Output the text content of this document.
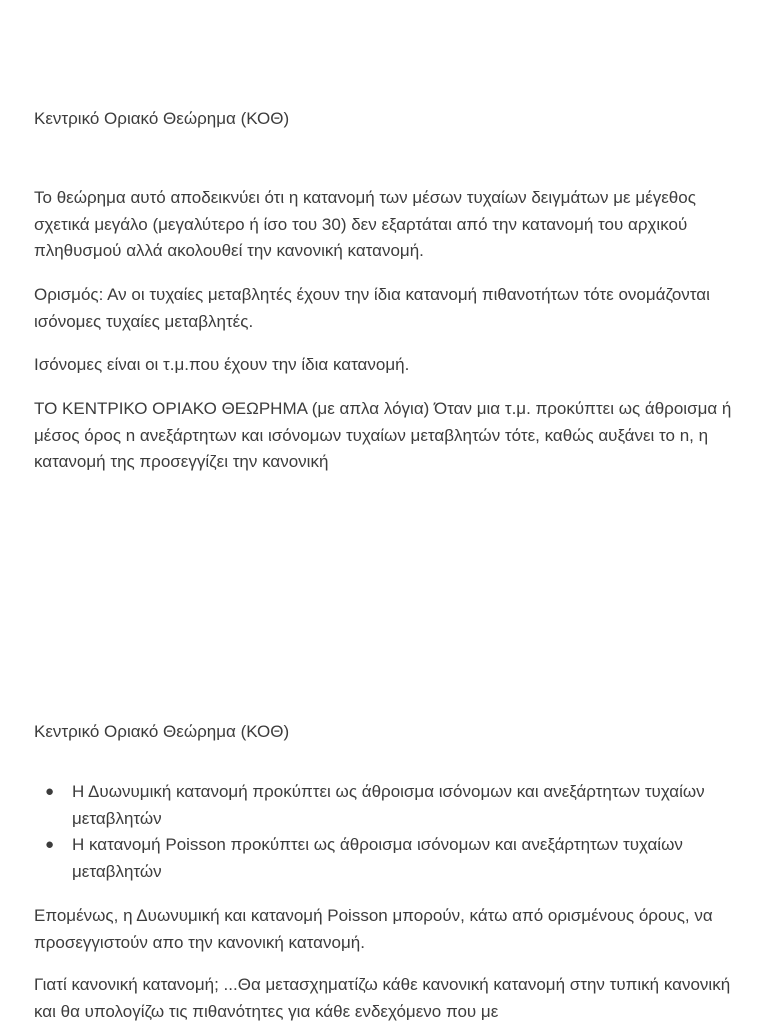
Κεντρικό Οριακό Θεώρημα (ΚΟΘ)

Το θεώρημα αυτό αποδεικνύει ότι η κατανομή των μέσων τυχαίων δειγμάτων με μέγεθος σχετικά μεγάλο (μεγαλύτερο ή ίσο του 30) δεν εξαρτάται από την κατανομή του αρχικού πληθυσμού αλλά ακολουθεί την κανονική κατανομή.

Ορισμός: Αν οι τυχαίες μεταβλητές έχουν την ίδια κατανομή πιθανοτήτων τότε ονομάζονται ισόνομες τυχαίες μεταβλητές.

Ισόνομες είναι οι τ.μ.που έχουν την ίδια κατανομή.

ΤΟ ΚΕΝΤΡΙΚΟ ΟΡΙΑΚΟ ΘΕΩΡΗΜΑ (με απλα λόγια) Όταν μια τ.μ. προκύπτει ως άθροισμα ή μέσος όρος n ανεξάρτητων και ισόνομων τυχαίων μεταβλητών τότε, καθώς αυξάνει το n, η κατανομή της προσεγγίζει την κανονική

Κεντρικό Οριακό Θεώρημα (ΚΟΘ)
● Η Δυωνυμική κατανομή προκύπτει ως άθροισμα ισόνομων και ανεξάρτητων τυχαίων μεταβλητών
● Η κατανομή Poisson προκύπτει ως άθροισμα ισόνομων και ανεξάρτητων τυχαίων μεταβλητών

Επομένως, η Δυωνυμική και κατανομή Poisson μπορούν, κάτω από ορισμένους όρους, να προσεγγιστούν απο την κανονική κατανομή.

Γιατί κανονική κατανομή; ...Θα μετασχηματίζω κάθε κανονική κατανομή στην τυπική κανονική και θα υπολογίζω τις πιθανότητες για κάθε ενδεχόμενο που με
